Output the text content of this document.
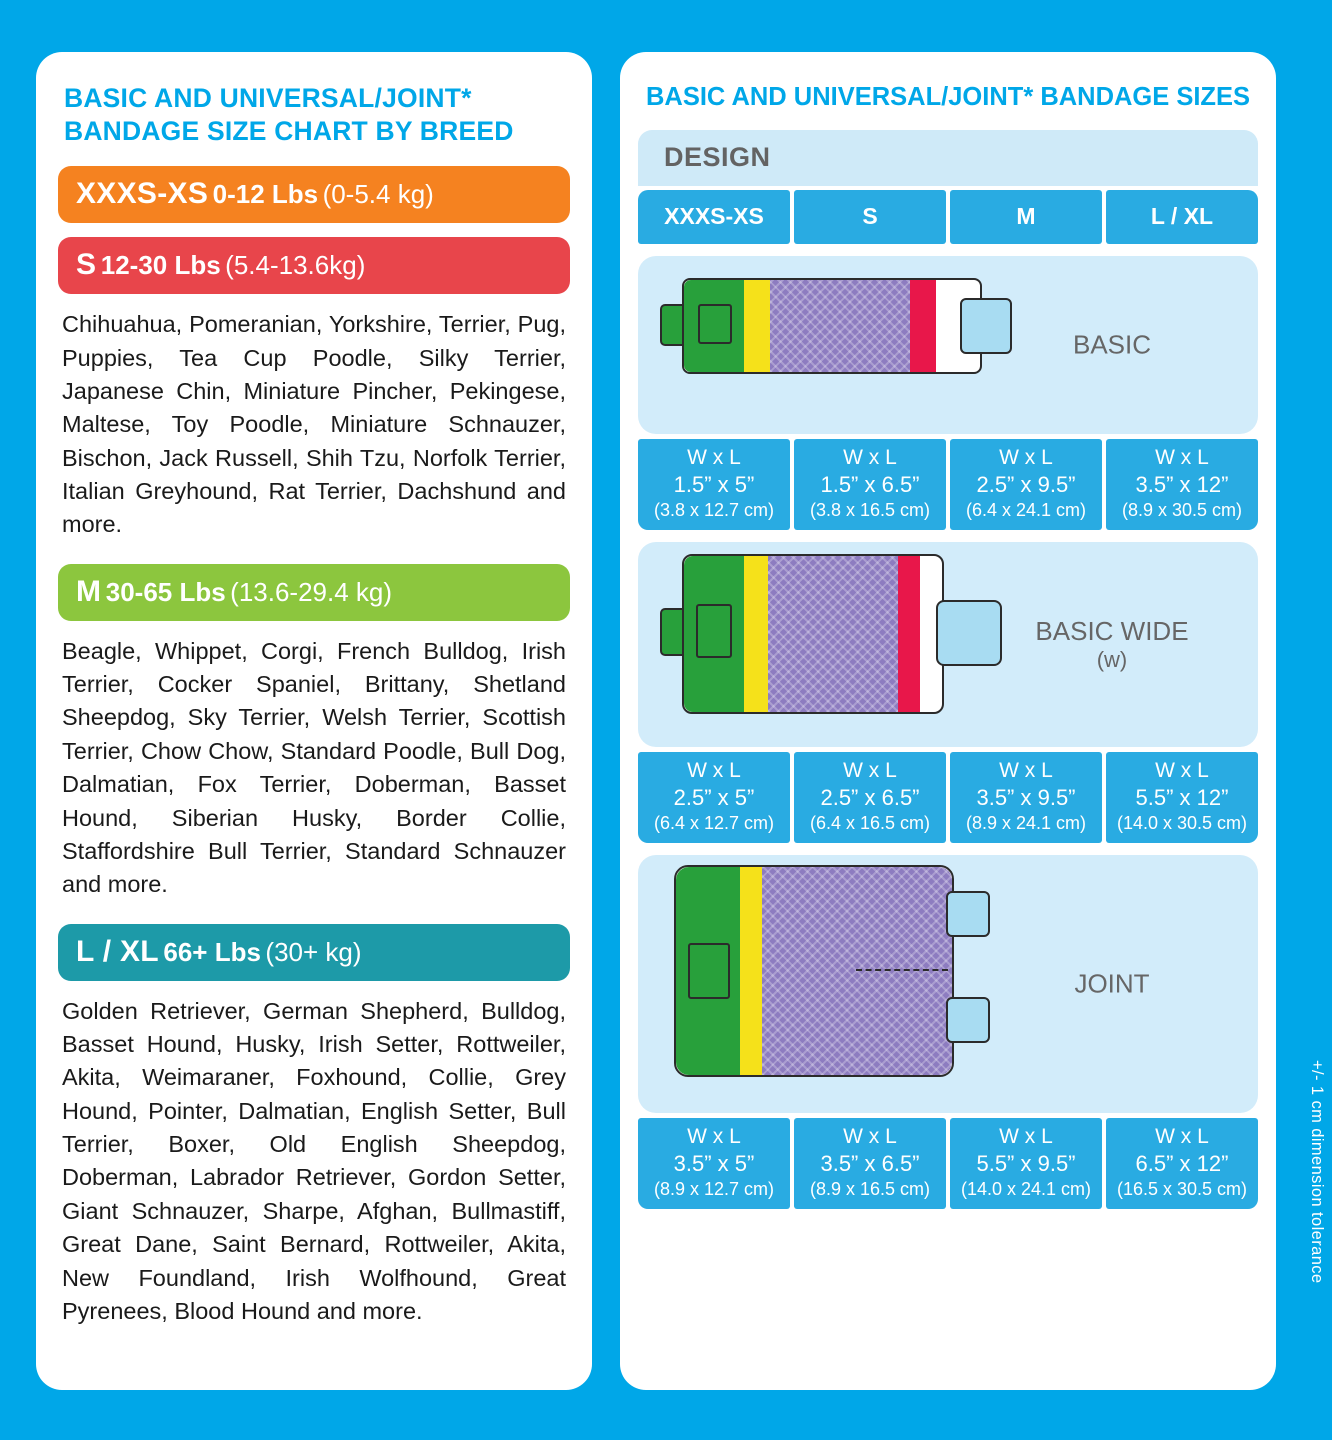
BASIC AND UNIVERSAL/JOINT* BANDAGE SIZE CHART BY BREED
XXXS-XS 0-12 Lbs (0-5.4 kg)
S 12-30 Lbs (5.4-13.6kg)
Chihuahua, Pomeranian, Yorkshire, Terrier, Pug, Puppies, Tea Cup Poodle, Silky Terrier, Japanese Chin, Miniature Pincher, Pekingese, Maltese, Toy Poodle, Miniature Schnauzer, Bischon, Jack Russell, Shih Tzu, Norfolk Terrier, Italian Greyhound, Rat Terrier, Dachshund and more.
M 30-65 Lbs (13.6-29.4 kg)
Beagle, Whippet, Corgi, French Bulldog, Irish Terrier, Cocker Spaniel, Brittany, Shetland Sheepdog, Sky Terrier, Welsh Terrier, Scottish Terrier, Chow Chow, Standard Poodle, Bull Dog, Dalmatian, Fox Terrier, Doberman, Basset Hound, Siberian Husky, Border Collie, Staffordshire Bull Terrier, Standard Schnauzer and more.
L / XL 66+ Lbs (30+ kg)
Golden Retriever, German Shepherd, Bulldog, Basset Hound, Husky, Irish Setter, Rottweiler, Akita, Weimaraner, Foxhound, Collie, Grey Hound, Pointer, Dalmatian, English Setter, Bull Terrier, Boxer, Old English Sheepdog, Doberman, Labrador Retriever, Gordon Setter, Giant Schnauzer, Sharpe, Afghan, Bullmastiff, Great Dane, Saint Bernard, Rottweiler, Akita, New Foundland, Irish Wolfhound, Great Pyrenees, Blood Hound and more.
BASIC AND UNIVERSAL/JOINT* BANDAGE SIZES
DESIGN
XXXS-XS	S	M	L / XL
BASIC
W x L
1.5” x 5”
(3.8 x 12.7 cm)
W x L
1.5” x 6.5”
(3.8 x 16.5 cm)
W x L
2.5” x 9.5”
(6.4 x 24.1 cm)
W x L
3.5” x 12”
(8.9 x 30.5 cm)
BASIC WIDE
(w)
W x L
2.5” x 5”
(6.4 x 12.7 cm)
W x L
2.5” x 6.5”
(6.4 x 16.5 cm)
W x L
3.5” x 9.5”
(8.9 x 24.1 cm)
W x L
5.5” x 12”
(14.0 x 30.5 cm)
JOINT
W x L
3.5” x 5”
(8.9 x 12.7 cm)
W x L
3.5” x 6.5”
(8.9 x 16.5 cm)
W x L
5.5” x 9.5”
(14.0 x 24.1 cm)
W x L
6.5” x 12”
(16.5 x 30.5 cm)	+/- 1 cm dimension tolerance
